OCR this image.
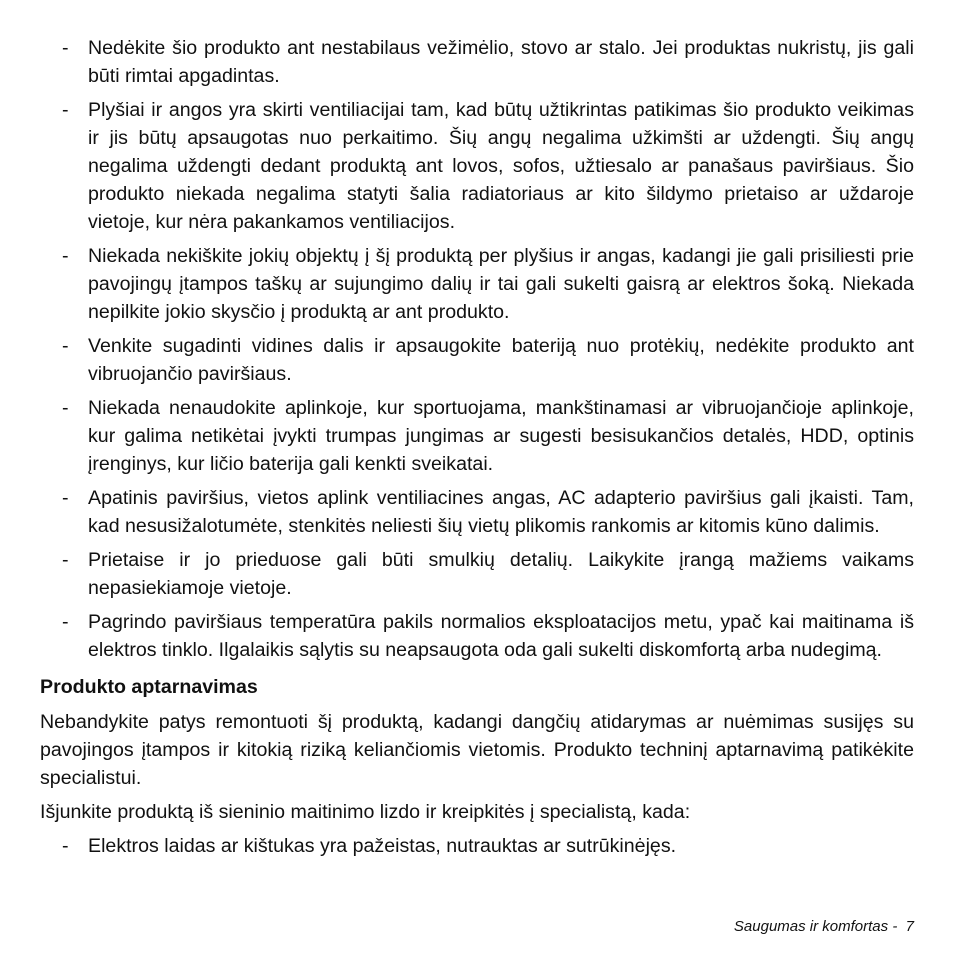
- Nedėkite šio produkto ant nestabilaus vežimėlio, stovo ar stalo. Jei produktas nukristų, jis gali būti rimtai apgadintas.
- Plyšiai ir angos yra skirti ventiliacijai tam, kad būtų užtikrintas patikimas šio produkto veikimas ir jis būtų apsaugotas nuo perkaitimo. Šių angų negalima užkimšti ar uždengti. Šių angų negalima uždengti dedant produktą ant lovos, sofos, užtiesalo ar panašaus paviršiaus. Šio produkto niekada negalima statyti šalia radiatoriaus ar kito šildymo prietaiso ar uždaroje vietoje, kur nėra pakankamos ventiliacijos.
- Niekada nekiškite jokių objektų į šį produktą per plyšius ir angas, kadangi jie gali prisiliesti prie pavojingų įtampos taškų ar sujungimo dalių ir tai gali sukelti gaisrą ar elektros šoką. Niekada nepilkite jokio skysčio į produktą ar ant produkto.
- Venkite sugadinti vidines dalis ir apsaugokite bateriją nuo protėkių, nedėkite produkto ant vibruojančio paviršiaus.
- Niekada nenaudokite aplinkoje, kur sportuojama, mankštinamasi ar vibruojančioje aplinkoje, kur galima netikėtai įvykti trumpas jungimas ar sugesti besisukančios detalės, HDD, optinis įrenginys, kur ličio baterija gali kenkti sveikatai.
- Apatinis paviršius, vietos aplink ventiliacines angas, AC adapterio paviršius gali įkaisti. Tam, kad nesusižalotumėte, stenkitės neliesti šių vietų plikomis rankomis ar kitomis kūno dalimis.
- Prietaise ir jo prieduose gali būti smulkių detalių. Laikykite įrangą mažiems vaikams nepasiekiamoje vietoje.
- Pagrindo paviršiaus temperatūra pakils normalios eksploatacijos metu, ypač kai maitinama iš elektros tinklo. Ilgalaikis sąlytis su neapsaugota oda gali sukelti diskomfortą arba nudegimą.
Produkto aptarnavimas

Nebandykite patys remontuoti šį produktą, kadangi dangčių atidarymas ar nuėmimas susijęs su pavojingos įtampos ir kitokią riziką keliančiomis vietomis. Produkto techninį aptarnavimą patikėkite specialistui.

Išjunkite produktą iš sieninio maitinimo lizdo ir kreipkitės į specialistą, kada:

- Elektros laidas ar kištukas yra pažeistas, nutrauktas ar sutrūkinėjęs.
Saugumas ir komfortas -  7
